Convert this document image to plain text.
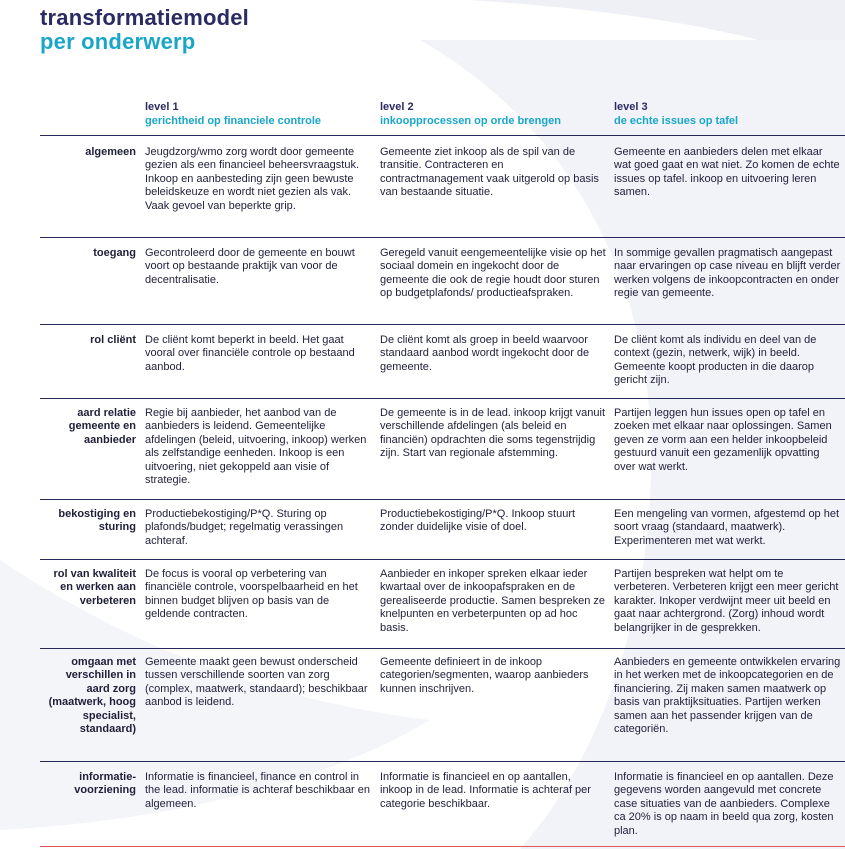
transformatiemodel
per onderwerp
level 1
gerichtheid op financiele controle
level 2
inkoopprocessen op orde brengen
level 3
de echte issues op tafel
algemeen Jeugdzorg/wmo zorg wordt door gemeente gezien als een financieel beheersvraagstuk. Inkoop en aanbesteding zijn geen bewuste beleidskeuze en wordt niet gezien als vak. Vaak gevoel van beperkte grip.
Gemeente ziet inkoop als de spil van de transitie. Contracteren en contractmanagement vaak uitgerold op basis van bestaande situatie.
Gemeente en aanbieders delen met elkaar wat goed gaat en wat niet. Zo komen de echte issues op tafel. inkoop en uitvoering leren samen.
toegang Gecontroleerd door de gemeente en bouwt voort op bestaande praktijk van voor de decentralisatie.
Geregeld vanuit eengemeentelijke visie op het sociaal domein en ingekocht door de gemeente die ook de regie houdt door sturen op budgetplafonds/ productieafspraken.
In sommige gevallen pragmatisch aangepast naar ervaringen op case niveau en blijft verder werken volgens de inkoopcontracten en onder regie van gemeente.
rol cliënt De cliënt komt beperkt in beeld. Het gaat vooral over financiële controle op bestaand aanbod.
De cliënt komt als groep in beeld waarvoor standaard aanbod wordt ingekocht door de gemeente.
De cliënt komt als individu en deel van de context (gezin, netwerk, wijk) in beeld. Gemeente koopt producten in die daarop gericht zijn.
aard relatie gemeente en aanbieder
Regie bij aanbieder, het aanbod van de aanbieders is leidend. Gemeentelijke afdelingen (beleid, uitvoering, inkoop) werken als zelfstandige eenheden. Inkoop is een uitvoering, niet gekoppeld aan visie of strategie.
De gemeente is in de lead. inkoop krijgt vanuit verschillende afdelingen (als beleid en financiën) opdrachten die soms tegenstrijdig zijn. Start van regionale afstemming.
Partijen leggen hun issues open op tafel en zoeken met elkaar naar oplossingen. Samen geven ze vorm aan een helder inkoopbeleid gestuurd vanuit een gezamenlijk opvatting over wat werkt.
bekostiging en sturing
Productiebekostiging/P*Q. Sturing op plafonds/budget; regelmatig verassingen achteraf.
Productiebekostiging/P*Q. Inkoop stuurt zonder duidelijke visie of doel.
Een mengeling van vormen, afgestemd op het soort vraag (standaard, maatwerk). Experimenteren met wat werkt.
rol van kwaliteit en werken aan verbeteren
De focus is vooral op verbetering van financiële controle, voorspelbaarheid en het binnen budget blijven op basis van de geldende contracten.
Aanbieder en inkoper spreken elkaar ieder kwartaal over de inkoopafspraken en de gerealiseerde productie. Samen bespreken ze knelpunten en verbeterpunten op ad hoc basis.
Partijen bespreken wat helpt om te verbeteren. Verbeteren krijgt een meer gericht karakter. Inkoper verdwijnt meer uit beeld en gaat naar achtergrond. (Zorg) inhoud wordt belangrijker in de gesprekken.
omgaan met verschillen in aard zorg (maatwerk, hoog specialist, standaard)
Gemeente maakt geen bewust onderscheid tussen verschillende soorten van zorg (complex, maatwerk, standaard); beschikbaar aanbod is leidend.
Gemeente definieert in de inkoop categorien/segmenten, waarop aanbieders kunnen inschrijven.
Aanbieders en gemeente ontwikkelen ervaring in het werken met de inkoopcategorien en de financiering. Zij maken samen maatwerk op basis van praktijksituaties. Partijen werken samen aan het passender krijgen van de categoriën.
informatie-voorziening
Informatie is financieel, finance en control in the lead. informatie is achteraf beschikbaar en algemeen.
Informatie is financieel en op aantallen, inkoop in de lead. Informatie is achteraf per categorie beschikbaar.
Informatie is financieel en op aantallen. Deze gegevens worden aangevuld met concrete case situaties van de aanbieders. Complexe ca 20% is op naam in beeld qua zorg, kosten plan.
